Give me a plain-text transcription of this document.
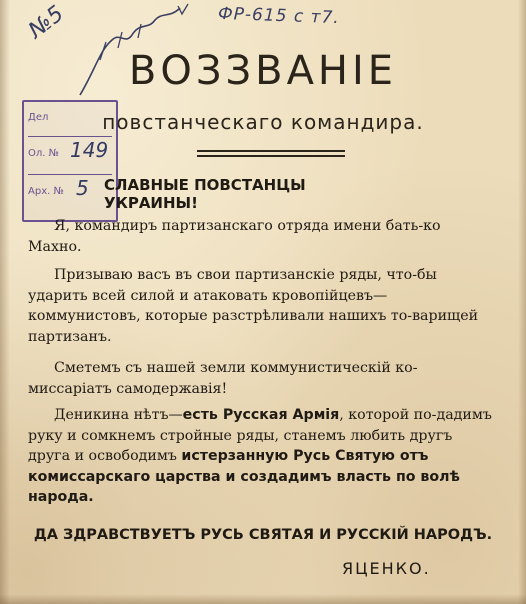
№5	ФР-615 с т7.
Дел
Ол. № 149
Арх. № 5
ВОЗЗВАНІЕ
повстанческаго командира.
СЛАВНЫЕ ПОВСТАНЦЫ УКРАИНЫ!
Я, командиръ партизанскаго отряда имени бать-ко Махно.
Призываю васъ въ свои партизанскіе ряды, что-бы ударить всей силой и атаковать кровопійцевъ—коммунистовъ, которые разстрѣливали нашихъ то-варищей партизанъ.
Сметемъ съ нашей земли коммунистическій ко-миссаріатъ самодержавія!
Деникина нѣтъ—есть Русская Армія, которой по-дадимъ руку и сомкнемъ стройные ряды, станемъ любить другъ друга и освободимъ истерзанную Русь Святую отъ комиссарскаго царства и создадимъ власть по волѣ народа.
ДА ЗДРАВСТВУЕТЪ РУСЬ СВЯТАЯ И РУССКІЙ НАРОДЪ.
ЯЦЕНКО.
